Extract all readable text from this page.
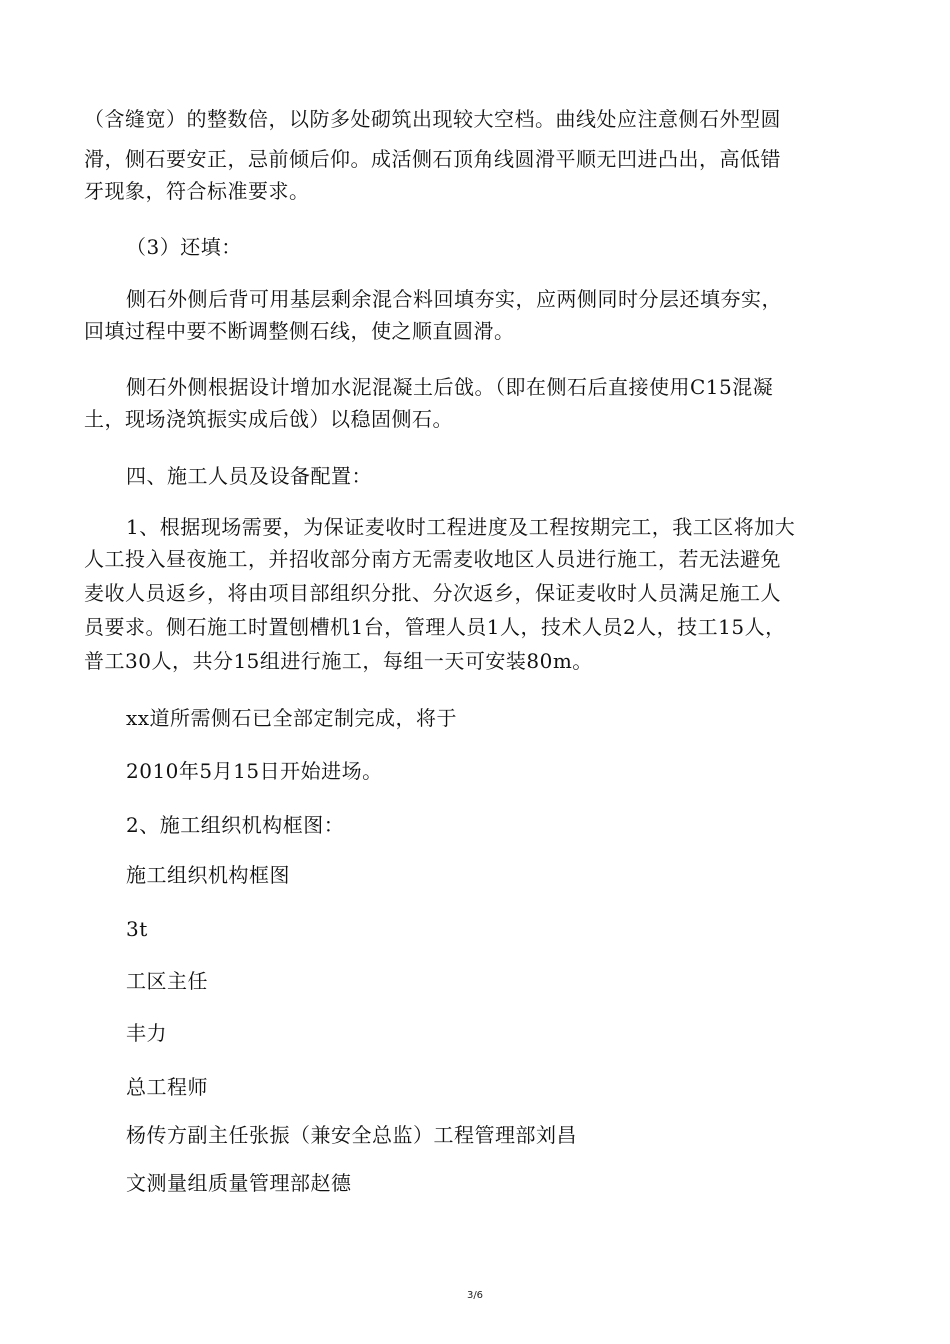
（含缝宽）的整数倍，以防多处砌筑出现较大空档。曲线处应注意侧石外型圆
滑，侧石要安正，忌前倾后仰。成活侧石顶角线圆滑平顺无凹进凸出，高低错
牙现象，符合标准要求。
（3）还填：
侧石外侧后背可用基层剩余混合料回填夯实，应两侧同时分层还填夯实，
回填过程中要不断调整侧石线，使之顺直圆滑。
侧石外侧根据设计增加水泥混凝土后戗。（即在侧石后直接使用C15混凝
土，现场浇筑振实成后戗）以稳固侧石。
四、施工人员及设备配置：
1、根据现场需要，为保证麦收时工程进度及工程按期完工，我工区将加大
人工投入昼夜施工，并招收部分南方无需麦收地区人员进行施工，若无法避免
麦收人员返乡，将由项目部组织分批、分次返乡，保证麦收时人员满足施工人
员要求。侧石施工时置刨槽机1台，管理人员1人，技术人员2人，技工15人，
普工30人，共分15组进行施工，每组一天可安装80m。
xx道所需侧石已全部定制完成，将于
2010年5月15日开始进场。
2、施工组织机构框图：
施工组织机构框图
3t
工区主任
丰力
总工程师
杨传方副主任张振（兼安全总监）工程管理部刘昌
文测量组质量管理部赵德
3/6
